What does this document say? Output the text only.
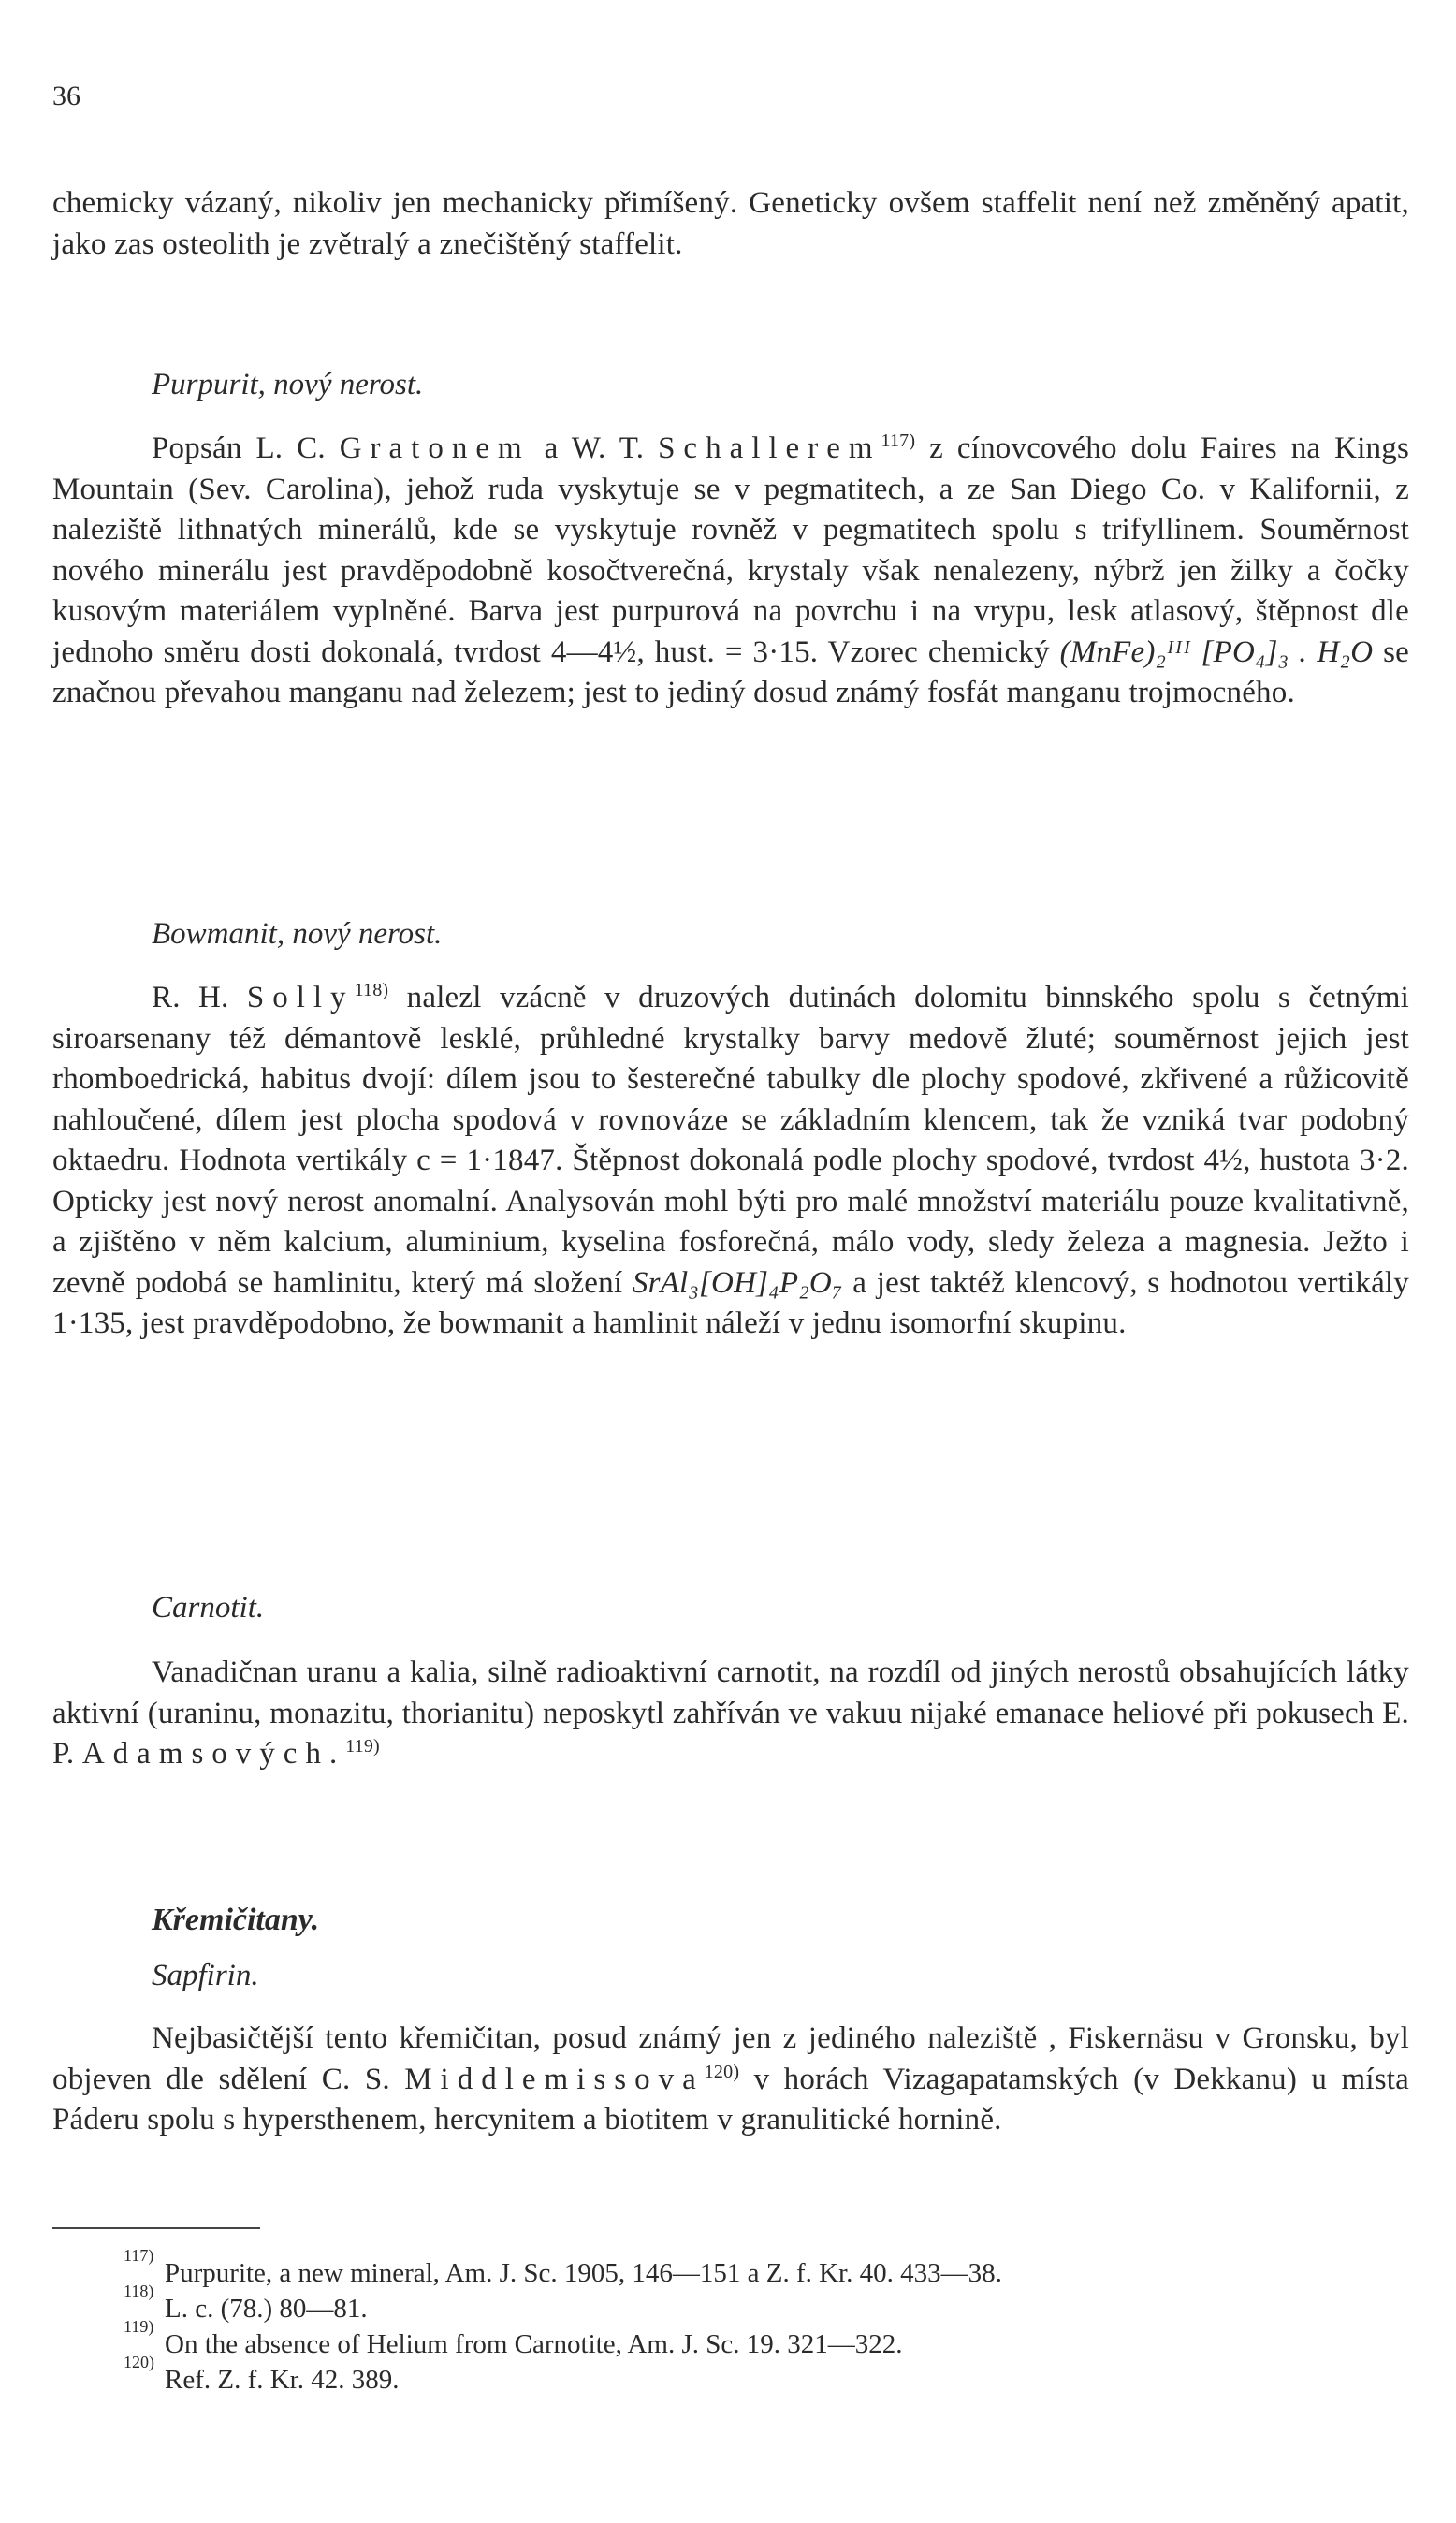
36

chemicky vázaný, nikoliv jen mechanicky přimíšený. Geneticky ovšem staffelit není než změněný apatit, jako zas osteolith je zvětralý a znečištěný staffelit.

Purpurit, nový nerost.

Popsán L. C. Gratonem a W. T. Schallerem$^{117)}$ z cínovcového dolu Faires na Kings Mountain (Sev. Carolina), jehož ruda vyskytuje se v pegmatitech, a ze San Diego Co. v Kalifornii, z naleziště lithnatých minerálů, kde se vyskytuje rovněž v pegmatitech spolu s trifyllinem. Souměrnost nového minerálu jest pravděpodobně kosočtverečná, krystaly však nenalezeny, nýbrž jen žilky a čočky kusovým materiálem vyplněné. Barva jest purpurová na povrchu i na vrypu, lesk atlasový, štěpnost dle jednoho směru dosti dokonalá, tvrdost 4—4½, hust. = 3·15. Vzorec chemický (MnFe)₂ᴵᴵᴵ [PO₄]₃ . H₂O se značnou převahou manganu nad železem; jest to jediný dosud známý fosfát manganu trojmocného.

Bowmanit, nový nerost.

R. H. Solly$^{118)}$ nalezl vzácně v druzových dutinách dolomitu binnského spolu s četnými siroarsenany též démantově lesklé, průhledné krystalky barvy medově žluté; souměrnost jejich jest rhomboedrická, habitus dvojí: dílem jsou to šesterečné tabulky dle plochy spodové, zkřivené a růžicovitě nahloučené, dílem jest plocha spodová v rovnováze se základním klencem, tak že vzniká tvar podobný oktaedru. Hodnota vertikály c = 1·1847. Štěpnost dokonalá podle plochy spodové, tvrdost 4½, hustota 3·2. Opticky jest nový nerost anomalní. Analysován mohl býti pro malé množství materiálu pouze kvalitativně, a zjištěno v něm kalcium, aluminium, kyselina fosforečná, málo vody, sledy železa a magnesia. Ježto i zevně podobá se hamlinitu, který má složení SrAl₃[OH]₄P₂O₇ a jest taktéž klencový, s hodnotou vertikály 1·135, jest pravděpodobno, že bowmanit a hamlinit náleží v jednu isomorfní skupinu.

Carnotit.

Vanadičnan uranu a kalia, silně radioaktivní carnotit, na rozdíl od jiných nerostů obsahujících látky aktivní (uraninu, monazitu, thorianitu) neposkytl zahříván ve vakuu nijaké emanace heliové při pokusech E. P. Adamsových.$^{119)}$

Křemičitany.
Sapfirin.

Nejbasičtější tento křemičitan, posud známý jen z jediného naleziště , Fiskernäsu v Gronsku, byl objeven dle sdělení C. S. Middlemissova$^{120)}$ v horách Vizagapatamských (v Dekkanu) u místa Páderu spolu s hypersthenem, hercynitem a biotitem v granulitické hornině.

117)
Purpurite, a new mineral, Am. J. Sc. 1905, 146—151 a Z. f. Kr. 40. 433—38.
118)
L. c. (78.) 80—81.
119)
On the absence of Helium from Carnotite, Am. J. Sc. 19. 321—322.
120)
Ref. Z. f. Kr. 42. 389.
